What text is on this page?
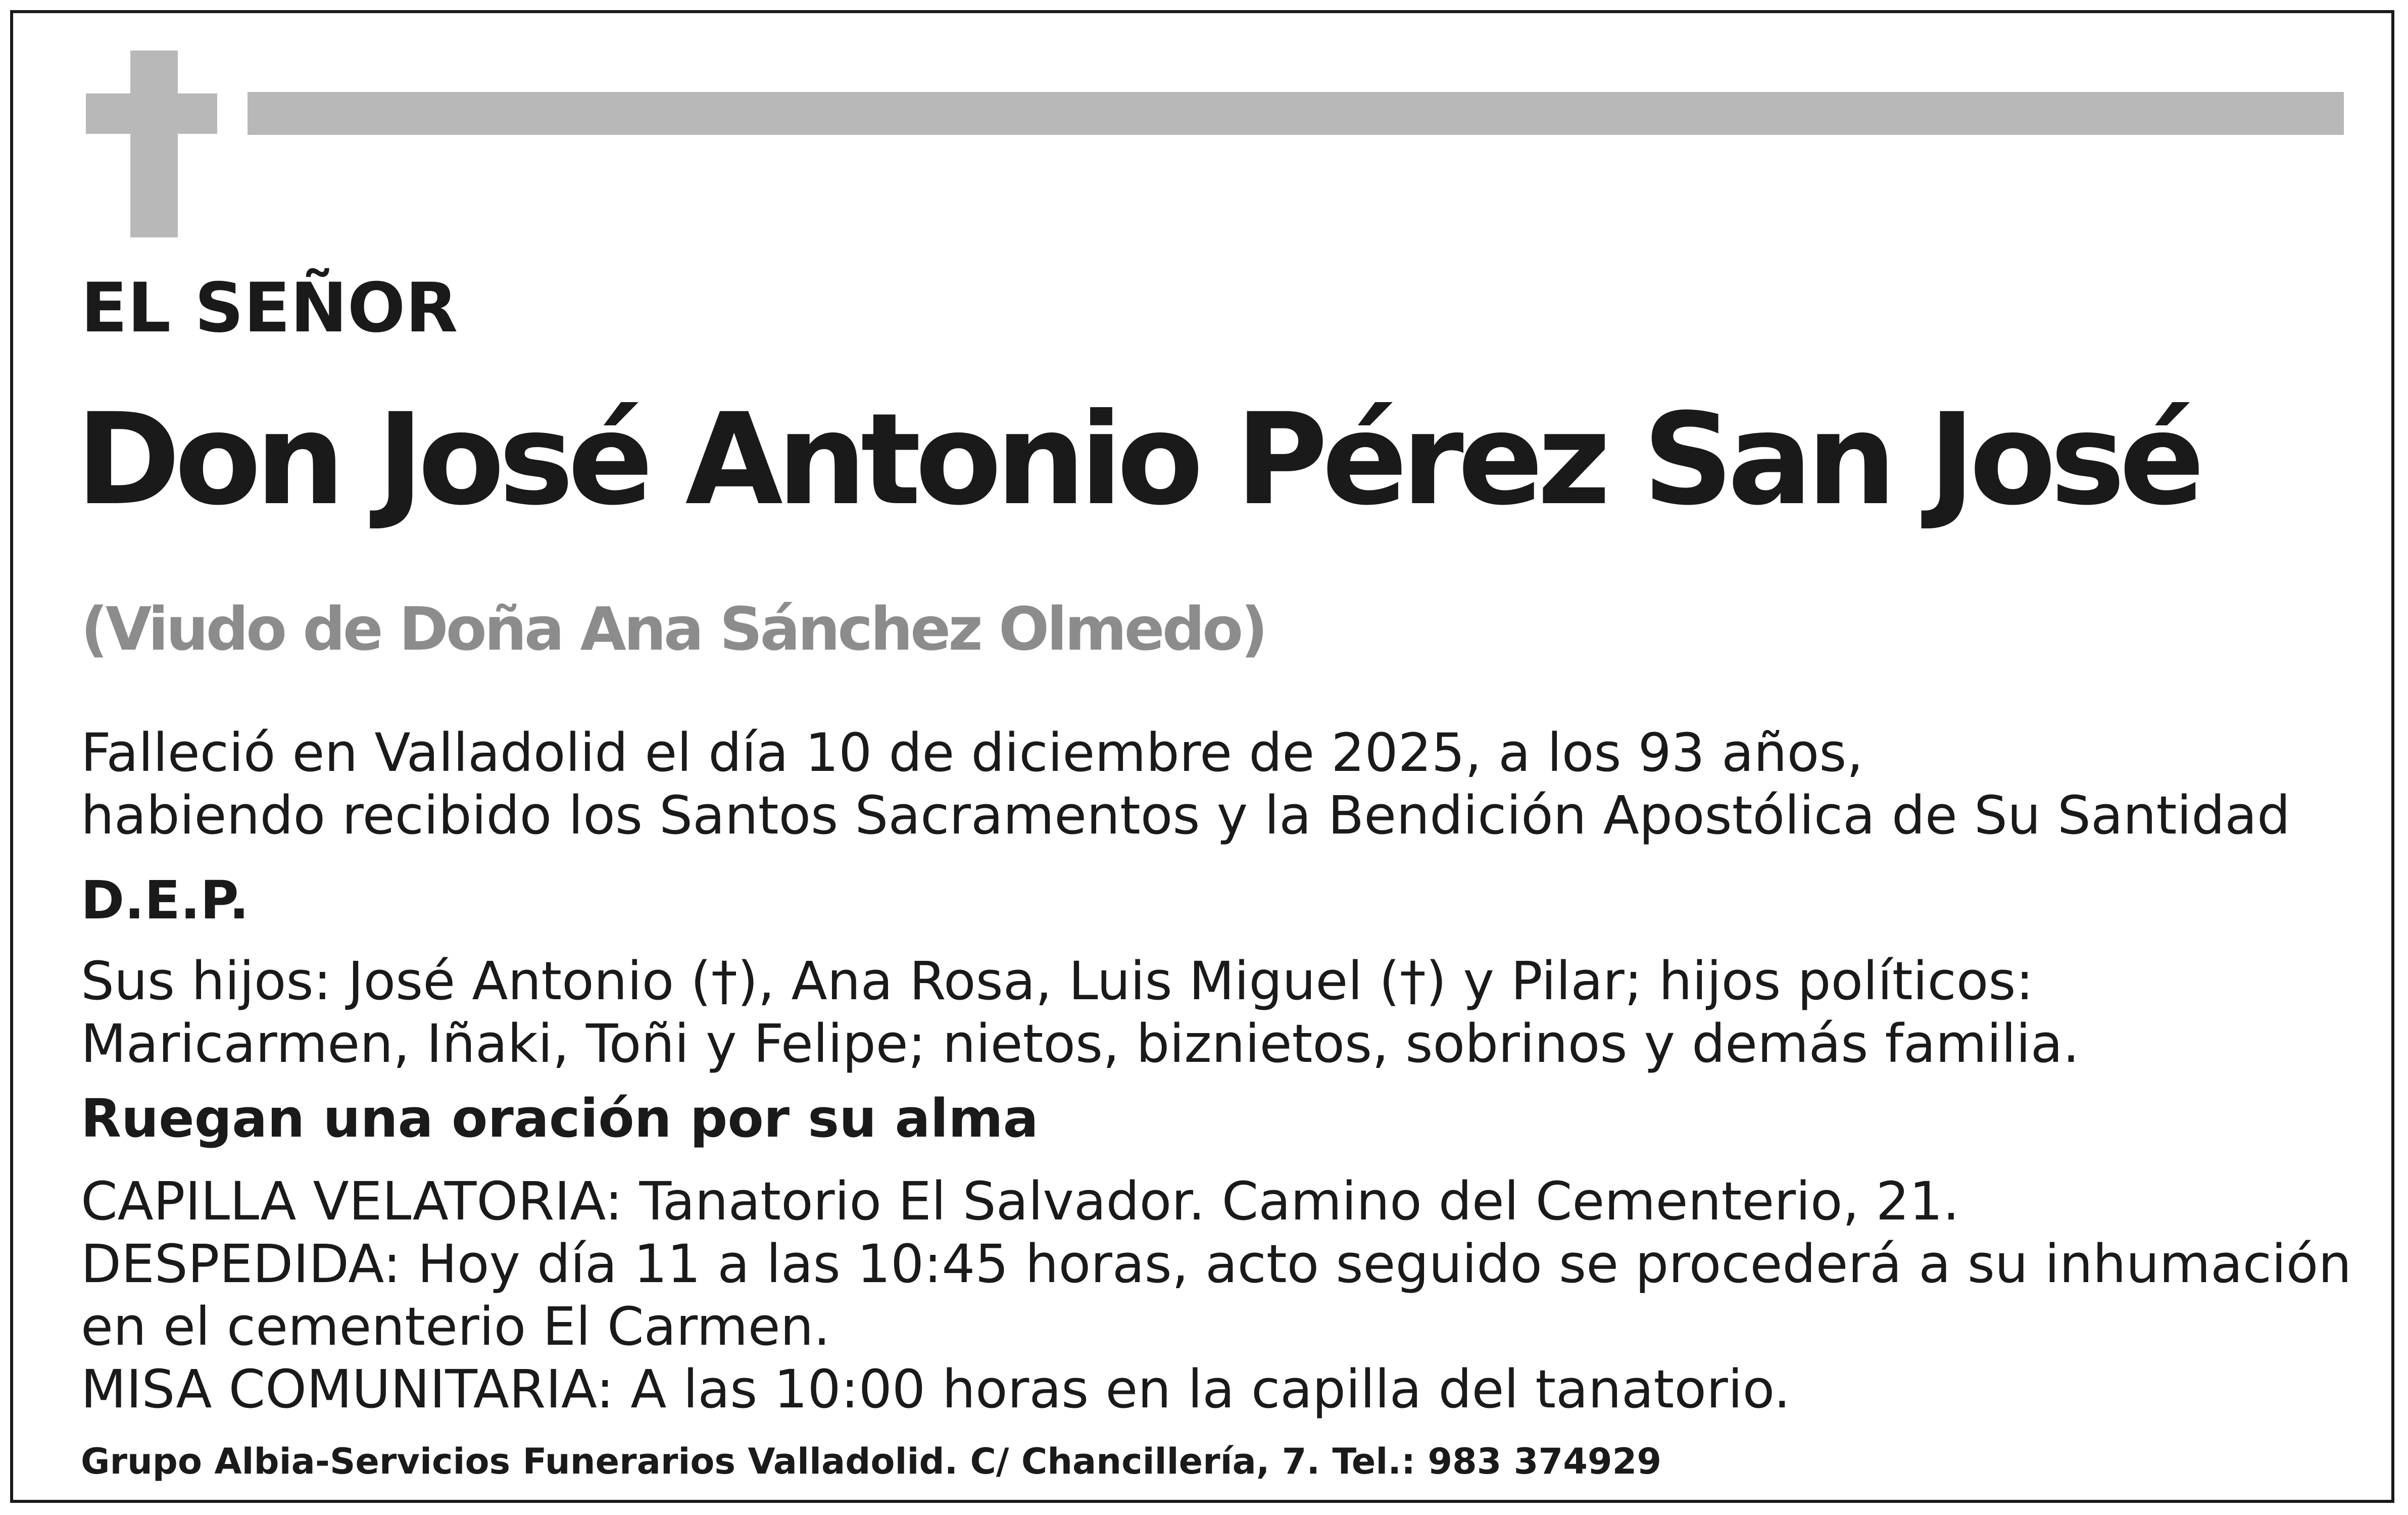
EL SEÑOR

Don José Antonio Pérez San José

(Viudo de Doña Ana Sánchez Olmedo)

Falleció en Valladolid el día 10 de diciembre de 2025, a los 93 años,

habiendo recibido los Santos Sacramentos y la Bendición Apostólica de Su Santidad

D.E.P.

Sus hijos: José Antonio (†), Ana Rosa, Luis Miguel (†) y Pilar; hijos políticos:

Maricarmen, Iñaki, Toñi y Felipe; nietos, biznietos, sobrinos y demás familia.

Ruegan una oración por su alma

CAPILLA VELATORIA: Tanatorio El Salvador. Camino del Cementerio, 21.

DESPEDIDA: Hoy día 11 a las 10:45 horas, acto seguido se procederá a su inhumación

en el cementerio El Carmen.

MISA COMUNITARIA: A las 10:00 horas en la capilla del tanatorio.

Grupo Albia-Servicios Funerarios Valladolid. C/ Chancillería, 7. Tel.: 983 374929
